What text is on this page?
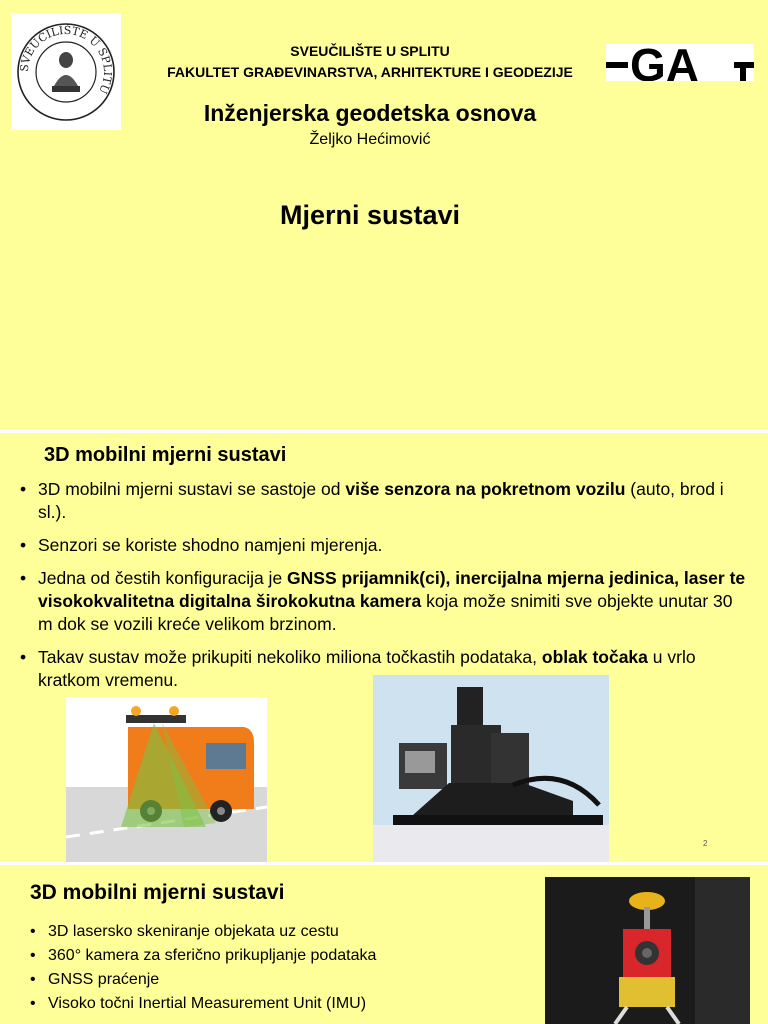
SVEUČILIŠTE U SPLITU
SVEUČILIŠTE U SPLITU
FAKULTET GRAĐEVINARSTVA, ARHITEKTURE I GEODEZIJE	GA
Inženjerska geodetska osnova
Željko Hećimović
Mjerni sustavi
3D mobilni mjerni sustavi
• 3D mobilni mjerni sustavi se sastoje od više senzora na pokretnom vozilu (auto, brod i sl.).
• Senzori se koriste shodno namjeni mjerenja.
• Jedna od čestih konfiguracija je GNSS prijamnik(ci), inercijalna mjerna jedinica, laser te visokokvalitetna digitalna širokokutna kamera koja može snimiti sve objekte unutar 30 m dok se vozili kreće velikom brzinom.
• Takav sustav može prikupiti nekoliko miliona točkastih podataka, oblak točaka u vrlo kratkom vremenu.
2
3D mobilni mjerni sustavi
• 3D lasersko skeniranje objekata uz cestu
• 360° kamera za sferično prikupljanje podataka
• GNSS praćenje
• Visoko točni Inertial Measurement Unit (IMU)
